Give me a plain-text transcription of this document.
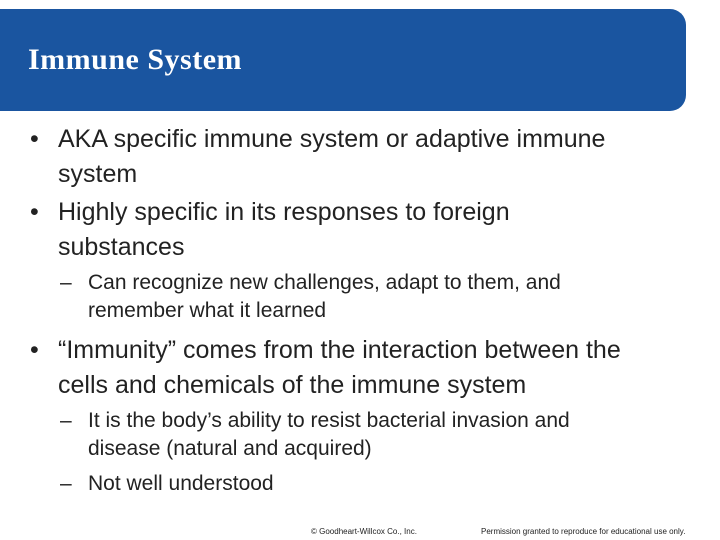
Immune System
• AKA specific immune system or adaptive immune
system
• Highly specific in its responses to foreign
substances
– Can recognize new challenges, adapt to them, and
remember what it learned
• “Immunity” comes from the interaction between the
cells and chemicals of the immune system
– It is the body’s ability to resist bacterial invasion and
disease (natural and acquired)
– Not well understood
© Goodheart-Willcox Co., Inc.	Permission granted to reproduce for educational use only.
